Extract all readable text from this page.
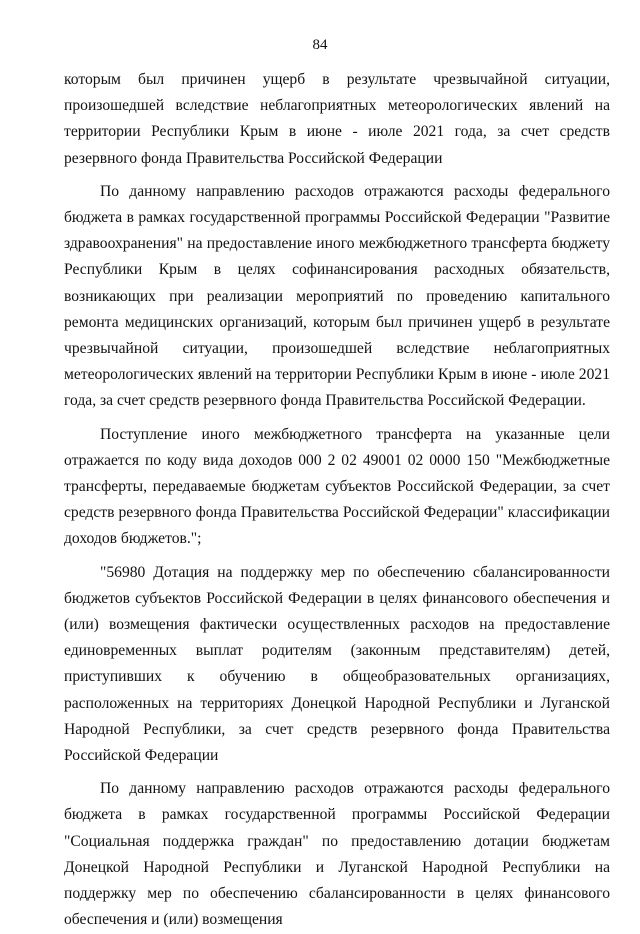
84

которым был причинен ущерб в результате чрезвычайной ситуации, произошедшей вследствие неблагоприятных метеорологических явлений на территории Республики Крым в июне - июле 2021 года, за счет средств резервного фонда Правительства Российской Федерации

По данному направлению расходов отражаются расходы федерального бюджета в рамках государственной программы Российской Федерации "Развитие здравоохранения" на предоставление иного межбюджетного трансферта бюджету Республики Крым в целях софинансирования расходных обязательств, возникающих при реализации мероприятий по проведению капитального ремонта медицинских организаций, которым был причинен ущерб в результате чрезвычайной ситуации, произошедшей вследствие неблагоприятных метеорологических явлений на территории Республики Крым в июне - июле 2021 года, за счет средств резервного фонда Правительства Российской Федерации.

Поступление иного межбюджетного трансферта на указанные цели отражается по коду вида доходов 000 2 02 49001 02 0000 150 "Межбюджетные трансферты, передаваемые бюджетам субъектов Российской Федерации, за счет средств резервного фонда Правительства Российской Федерации" классификации доходов бюджетов.";

"56980 Дотация на поддержку мер по обеспечению сбалансированности бюджетов субъектов Российской Федерации в целях финансового обеспечения и (или) возмещения фактически осуществленных расходов на предоставление единовременных выплат родителям (законным представителям) детей, приступивших к обучению в общеобразовательных организациях, расположенных на территориях Донецкой Народной Республики и Луганской Народной Республики, за счет средств резервного фонда Правительства Российской Федерации

По данному направлению расходов отражаются расходы федерального бюджета в рамках государственной программы Российской Федерации "Социальная поддержка граждан" по предоставлению дотации бюджетам Донецкой Народной Республики и Луганской Народной Республики на поддержку мер по обеспечению сбалансированности в целях финансового обеспечения и (или) возмещения
